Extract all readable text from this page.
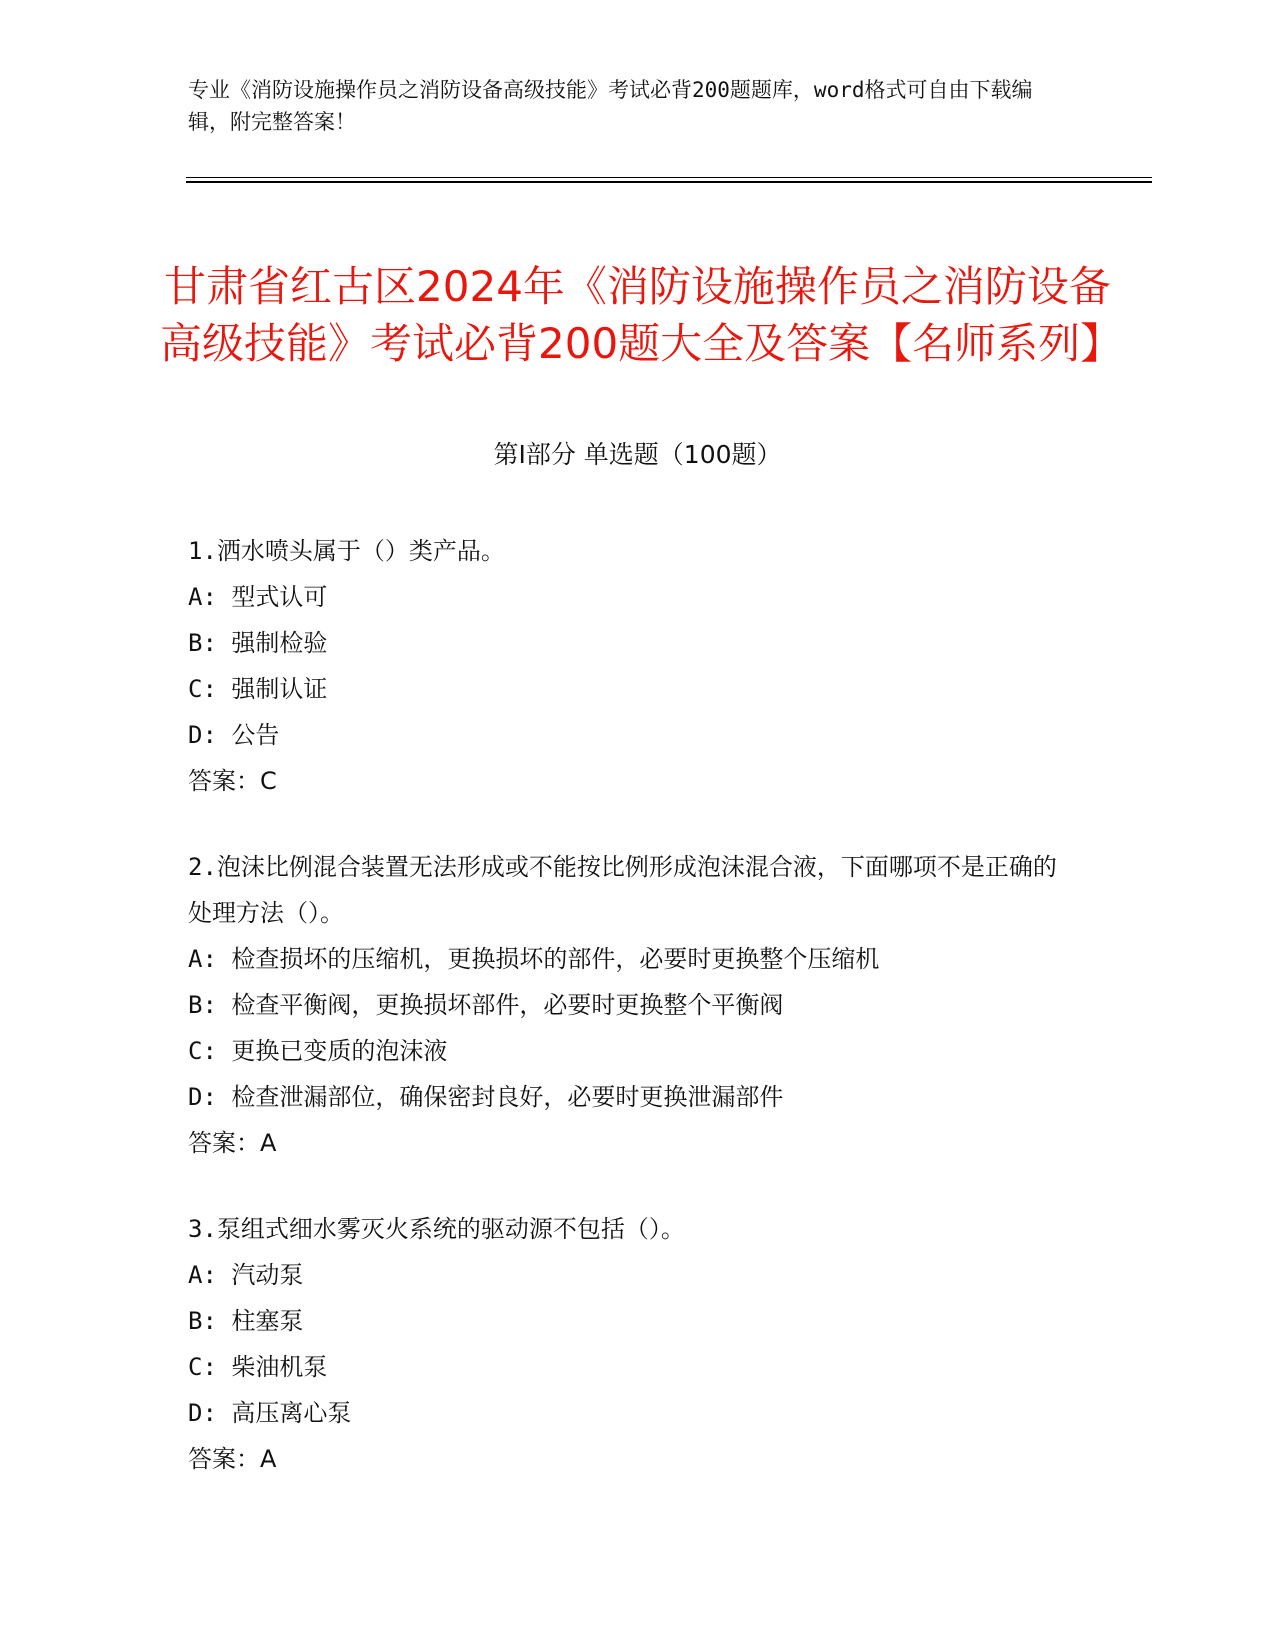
专业《消防设施操作员之消防设备高级技能》考试必背200题题库，word格式可自由下载编辑，附完整答案！
甘肃省红古区2024年《消防设施操作员之消防设备高级技能》考试必背200题大全及答案【名师系列】
第I部分 单选题（100题）
1.洒水喷头属于（）类产品。
A: 型式认可
B: 强制检验
C: 强制认证
D: 公告
答案：C
2.泡沫比例混合装置无法形成或不能按比例形成泡沫混合液，下面哪项不是正确的处理方法（）。
A: 检查损坏的压缩机，更换损坏的部件，必要时更换整个压缩机
B: 检查平衡阀，更换损坏部件，必要时更换整个平衡阀
C: 更换已变质的泡沫液
D: 检查泄漏部位，确保密封良好，必要时更换泄漏部件
答案：A
3.泵组式细水雾灭火系统的驱动源不包括（）。
A: 汽动泵
B: 柱塞泵
C: 柴油机泵
D: 高压离心泵
答案：A
